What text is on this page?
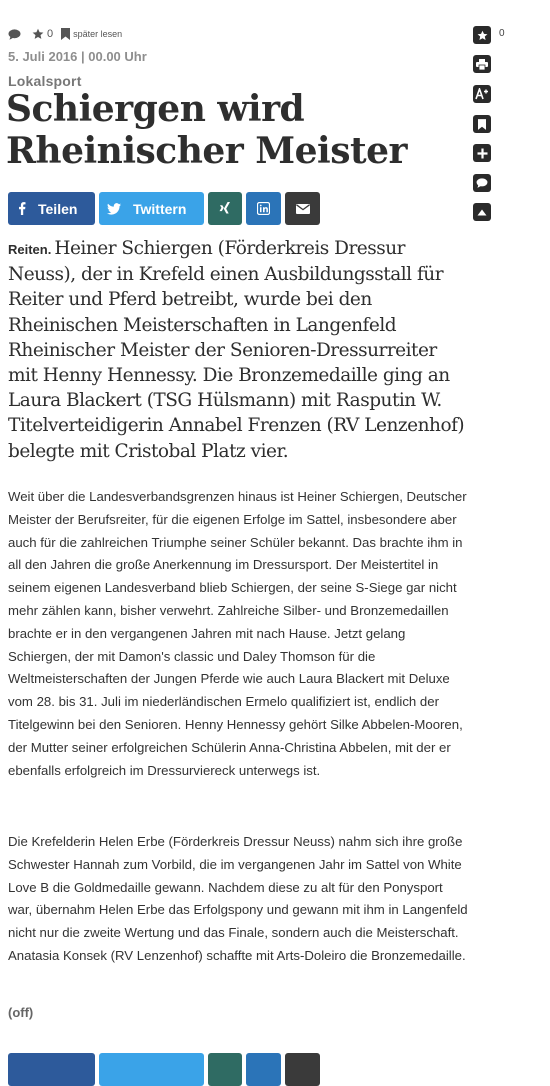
0 später lesen
5. Juli 2016 | 00.00 Uhr
Lokalsport
Schiergen wird Rheinischer Meister
Teilen	Twittern

Reiten. Heiner Schiergen (Förderkreis Dressur Neuss), der in Krefeld einen Ausbildungsstall für Reiter und Pferd betreibt, wurde bei den Rheinischen Meisterschaften in Langenfeld Rheinischer Meister der Senioren-Dressurreiter mit Henny Hennessy. Die Bronzemedaille ging an Laura Blackert (TSG Hülsmann) mit Rasputin W. Titelverteidigerin Annabel Frenzen (RV Lenzenhof) belegte mit Cristobal Platz vier.

Weit über die Landesverbandsgrenzen hinaus ist Heiner Schiergen, Deutscher Meister der Berufsreiter, für die eigenen Erfolge im Sattel, insbesondere aber auch für die zahlreichen Triumphe seiner Schüler bekannt. Das brachte ihm in all den Jahren die große Anerkennung im Dressursport. Der Meistertitel in seinem eigenen Landesverband blieb Schiergen, der seine S-Siege gar nicht mehr zählen kann, bisher verwehrt. Zahlreiche Silber- und Bronzemedaillen brachte er in den vergangenen Jahren mit nach Hause. Jetzt gelang Schiergen, der mit Damon's classic und Daley Thomson für die Weltmeisterschaften der Jungen Pferde wie auch Laura Blackert mit Deluxe vom 28. bis 31. Juli im niederländischen Ermelo qualifiziert ist, endlich der Titelgewinn bei den Senioren. Henny Hennessy gehört Silke Abbelen-Mooren, der Mutter seiner erfolgreichen Schülerin Anna-Christina Abbelen, mit der er ebenfalls erfolgreich im Dressurviereck unterwegs ist.

Die Krefelderin Helen Erbe (Förderkreis Dressur Neuss) nahm sich ihre große Schwester Hannah zum Vorbild, die im vergangenen Jahr im Sattel von White Love B die Goldmedaille gewann. Nachdem diese zu alt für den Ponysport war, übernahm Helen Erbe das Erfolgspony und gewann mit ihm in Langenfeld nicht nur die zweite Wertung und das Finale, sondern auch die Meisterschaft. Anatasia Konsek (RV Lenzenhof) schaffte mit Arts-Doleiro die Bronzemedaille.

(off)
0
